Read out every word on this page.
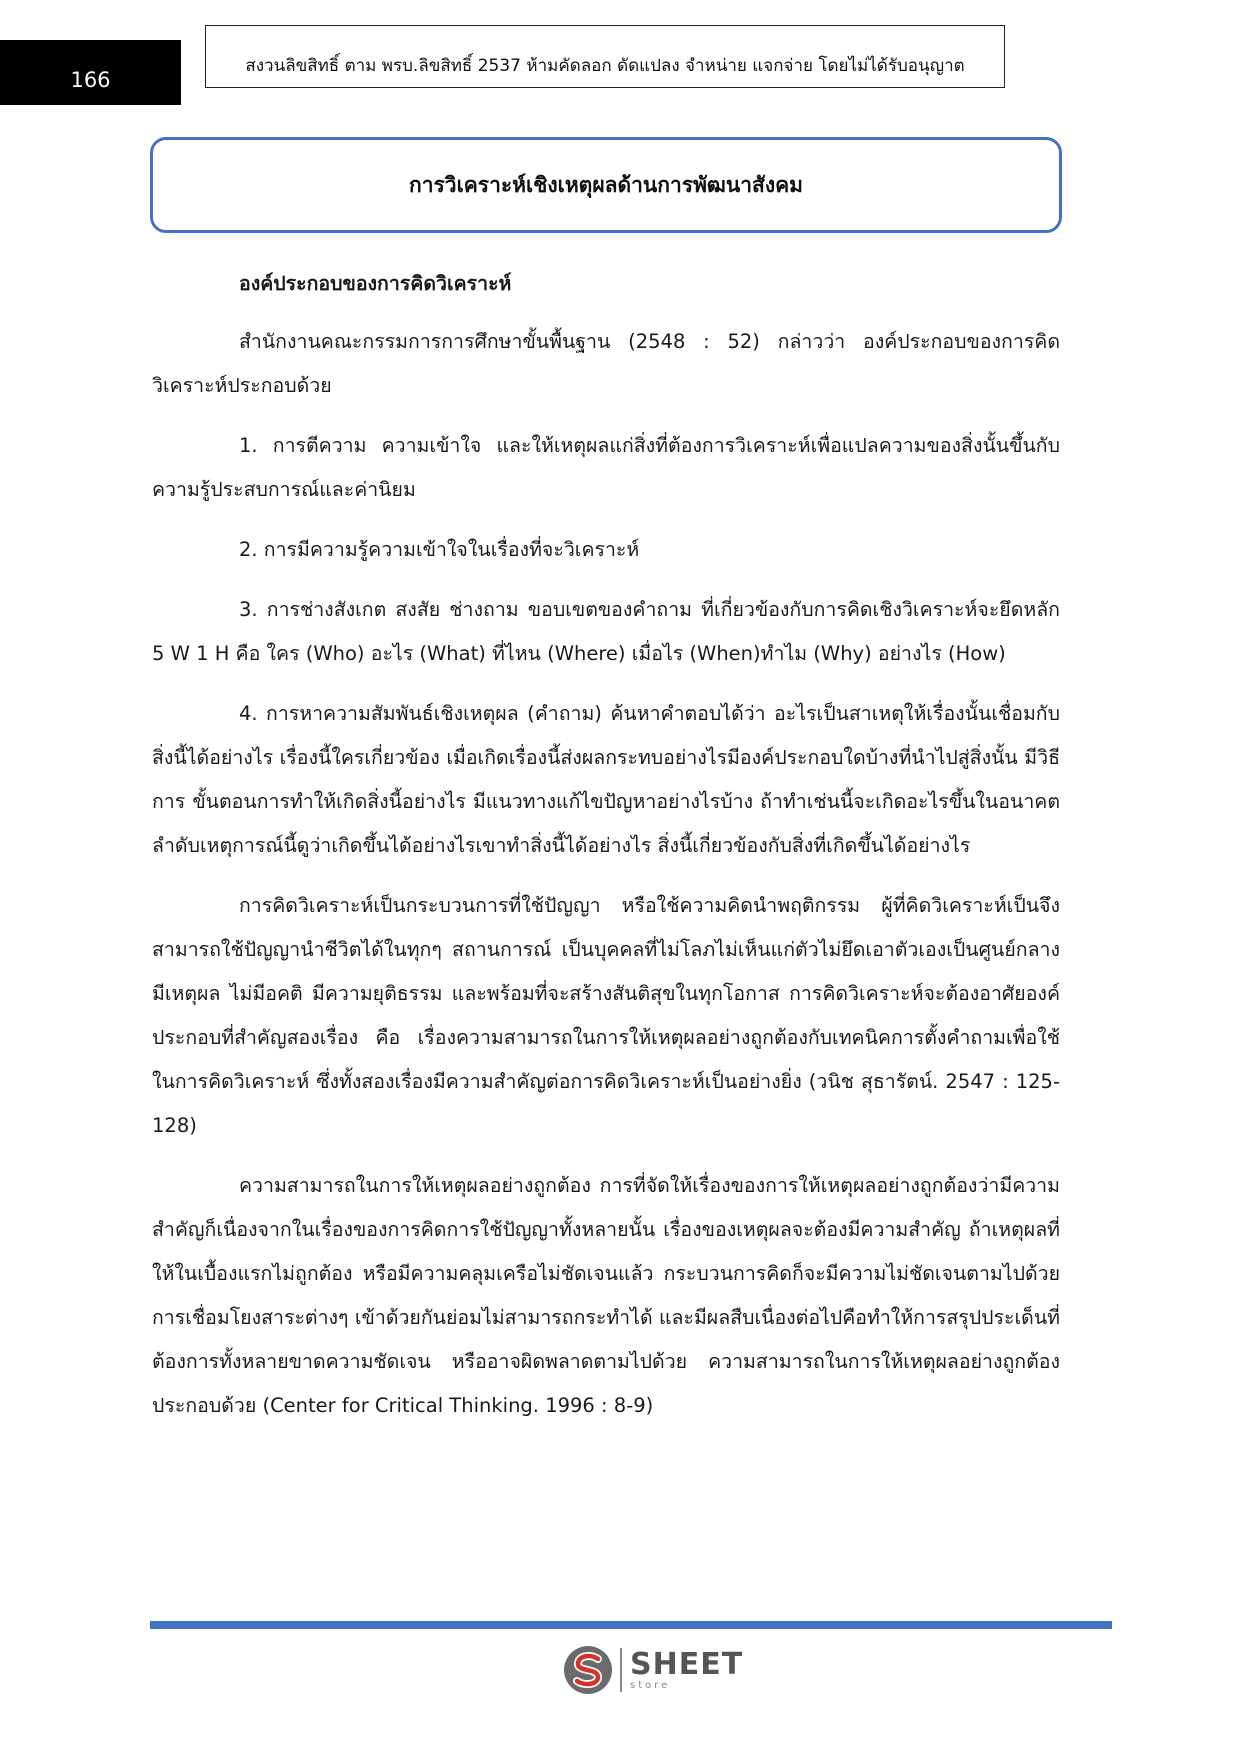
166
สงวนลิขสิทธิ์ ตาม พรบ.ลิขสิทธิ์ 2537 ห้ามคัดลอก ดัดแปลง จำหน่าย แจกจ่าย โดยไม่ได้รับอนุญาต
การวิเคราะห์เชิงเหตุผลด้านการพัฒนาสังคม

องค์ประกอบของการคิดวิเคราะห์

สำนักงานคณะกรรมการการศึกษาขั้นพื้นฐาน (2548 : 52) กล่าวว่า องค์ประกอบของการคิดวิเคราะห์ประกอบด้วย

1. การตีความ ความเข้าใจ และให้เหตุผลแก่สิ่งที่ต้องการวิเคราะห์เพื่อแปลความของสิ่งนั้นขึ้นกับความรู้ประสบการณ์และค่านิยม

2. การมีความรู้ความเข้าใจในเรื่องที่จะวิเคราะห์

3. การช่างสังเกต สงสัย ช่างถาม ขอบเขตของคำถาม ที่เกี่ยวข้องกับการคิดเชิงวิเคราะห์จะยึดหลัก 5 W 1 H คือ ใคร (Who) อะไร (What) ที่ไหน (Where) เมื่อไร (When)ทำไม (Why) อย่างไร (How)

4. การหาความสัมพันธ์เชิงเหตุผล (คำถาม) ค้นหาคำตอบได้ว่า อะไรเป็นสาเหตุให้เรื่องนั้นเชื่อมกับสิ่งนี้ได้อย่างไร เรื่องนี้ใครเกี่ยวข้อง เมื่อเกิดเรื่องนี้ส่งผลกระทบอย่างไรมีองค์ประกอบใดบ้างที่นำไปสู่สิ่งนั้น มีวิธีการ ขั้นตอนการทำให้เกิดสิ่งนี้อย่างไร มีแนวทางแก้ไขปัญหาอย่างไรบ้าง ถ้าทำเช่นนี้จะเกิดอะไรขึ้นในอนาคต ลำดับเหตุการณ์นี้ดูว่าเกิดขึ้นได้อย่างไรเขาทำสิ่งนี้ได้อย่างไร สิ่งนี้เกี่ยวข้องกับสิ่งที่เกิดขึ้นได้อย่างไร

การคิดวิเคราะห์เป็นกระบวนการที่ใช้ปัญญา หรือใช้ความคิดนำพฤติกรรม ผู้ที่คิดวิเคราะห์เป็นจึงสามารถใช้ปัญญานำชีวิตได้ในทุกๆ สถานการณ์ เป็นบุคคลที่ไม่โลภไม่เห็นแก่ตัวไม่ยึดเอาตัวเองเป็นศูนย์กลาง มีเหตุผล ไม่มีอคติ มีความยุติธรรม และพร้อมที่จะสร้างสันติสุขในทุกโอกาส การคิดวิเคราะห์จะต้องอาศัยองค์ประกอบที่สำคัญสองเรื่อง คือ เรื่องความสามารถในการให้เหตุผลอย่างถูกต้องกับเทคนิคการตั้งคำถามเพื่อใช้ในการคิดวิเคราะห์ ซึ่งทั้งสองเรื่องมีความสำคัญต่อการคิดวิเคราะห์เป็นอย่างยิ่ง (วนิช สุธารัตน์. 2547 : 125-128)

ความสามารถในการให้เหตุผลอย่างถูกต้อง การที่จัดให้เรื่องของการให้เหตุผลอย่างถูกต้องว่ามีความสำคัญก็เนื่องจากในเรื่องของการคิดการใช้ปัญญาทั้งหลายนั้น เรื่องของเหตุผลจะต้องมีความสำคัญ ถ้าเหตุผลที่ให้ในเบื้องแรกไม่ถูกต้อง หรือมีความคลุมเครือไม่ชัดเจนแล้ว กระบวนการคิดก็จะมีความไม่ชัดเจนตามไปด้วยการเชื่อมโยงสาระต่างๆ เข้าด้วยกันย่อมไม่สามารถกระทำได้ และมีผลสืบเนื่องต่อไปคือทำให้การสรุปประเด็นที่ต้องการทั้งหลายขาดความชัดเจน หรืออาจผิดพลาดตามไปด้วย ความสามารถในการให้เหตุผลอย่างถูกต้องประกอบด้วย (Center for Critical Thinking. 1996 : 8-9)

SHEET
store
